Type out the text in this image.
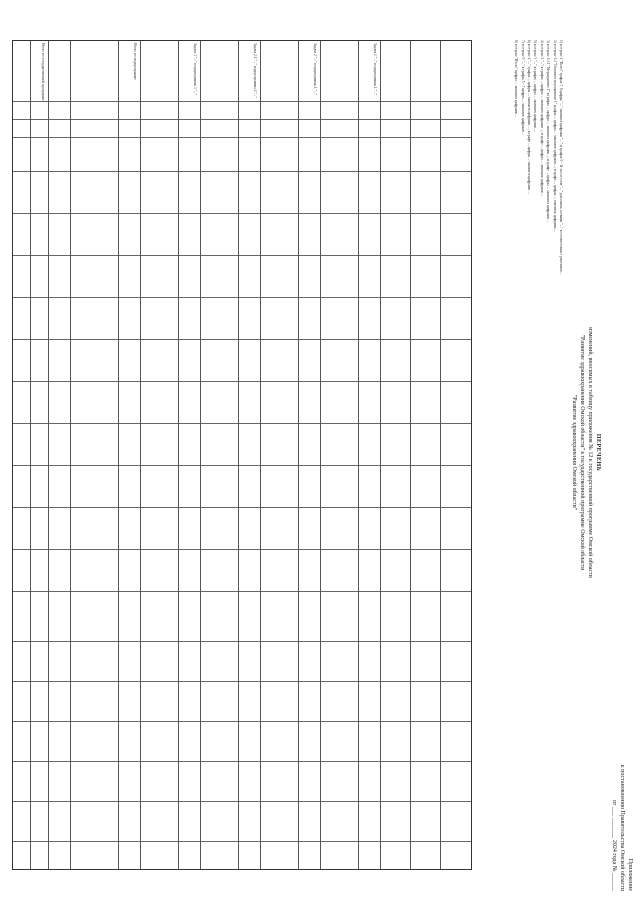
Приложение
к постановлению Правительства Омской области
от ___ _______ 2024 года № ______
ПЕРЕЧЕНЬ
изменений, вносимых в таблицу приложения № 12 к государственной программе Омской области
"Развитие здравоохранения Омской области" к государственной программе Омской области
"Развитие здравоохранения Омской области"
1) в строке 1 "Всего" графах 7, 8 цифры "..." заменить цифрами "..."; в графах 9 - 11 после слов "..." дополнить словами "..." в соответствии с решением ...
2) в строке 1.1 "Основное мероприятие 1" графах ... цифры ... заменить цифрами ...; в графе ... цифры ... заменить цифрами ...
3) в строке 1.1.1 "Мероприятие 1" в графах ... цифры ... заменить цифрами ...; в графе ... цифры ... заменить цифрами ...
4) в строке 2 "..." в графах ... цифры ... заменить цифрами ...; в графе ... цифры ... заменить цифрами ...
5) в строке 3 "..." в графах ... цифры ... заменить цифрами ...
6) в строке 4 "..." графах ... цифры ... заменить цифрами ...; в графе ... цифры ... заменить цифрами ...
7) в строке 5 "..." в графах 5 - 7 цифры ... заменить цифрами ...
8) в строке "Итого" цифры ... заменить цифрами ...
Задача 1 "..." подпрограммы 1 "..."
Задача 2 "..." подпрограммы 1 "..."
Задача 2.1 "..." подпрограммы 2 "..."
Задача 3 "..." подпрограммы 3 "..."
Итого по подпрограмме
Итого по государственной программе
